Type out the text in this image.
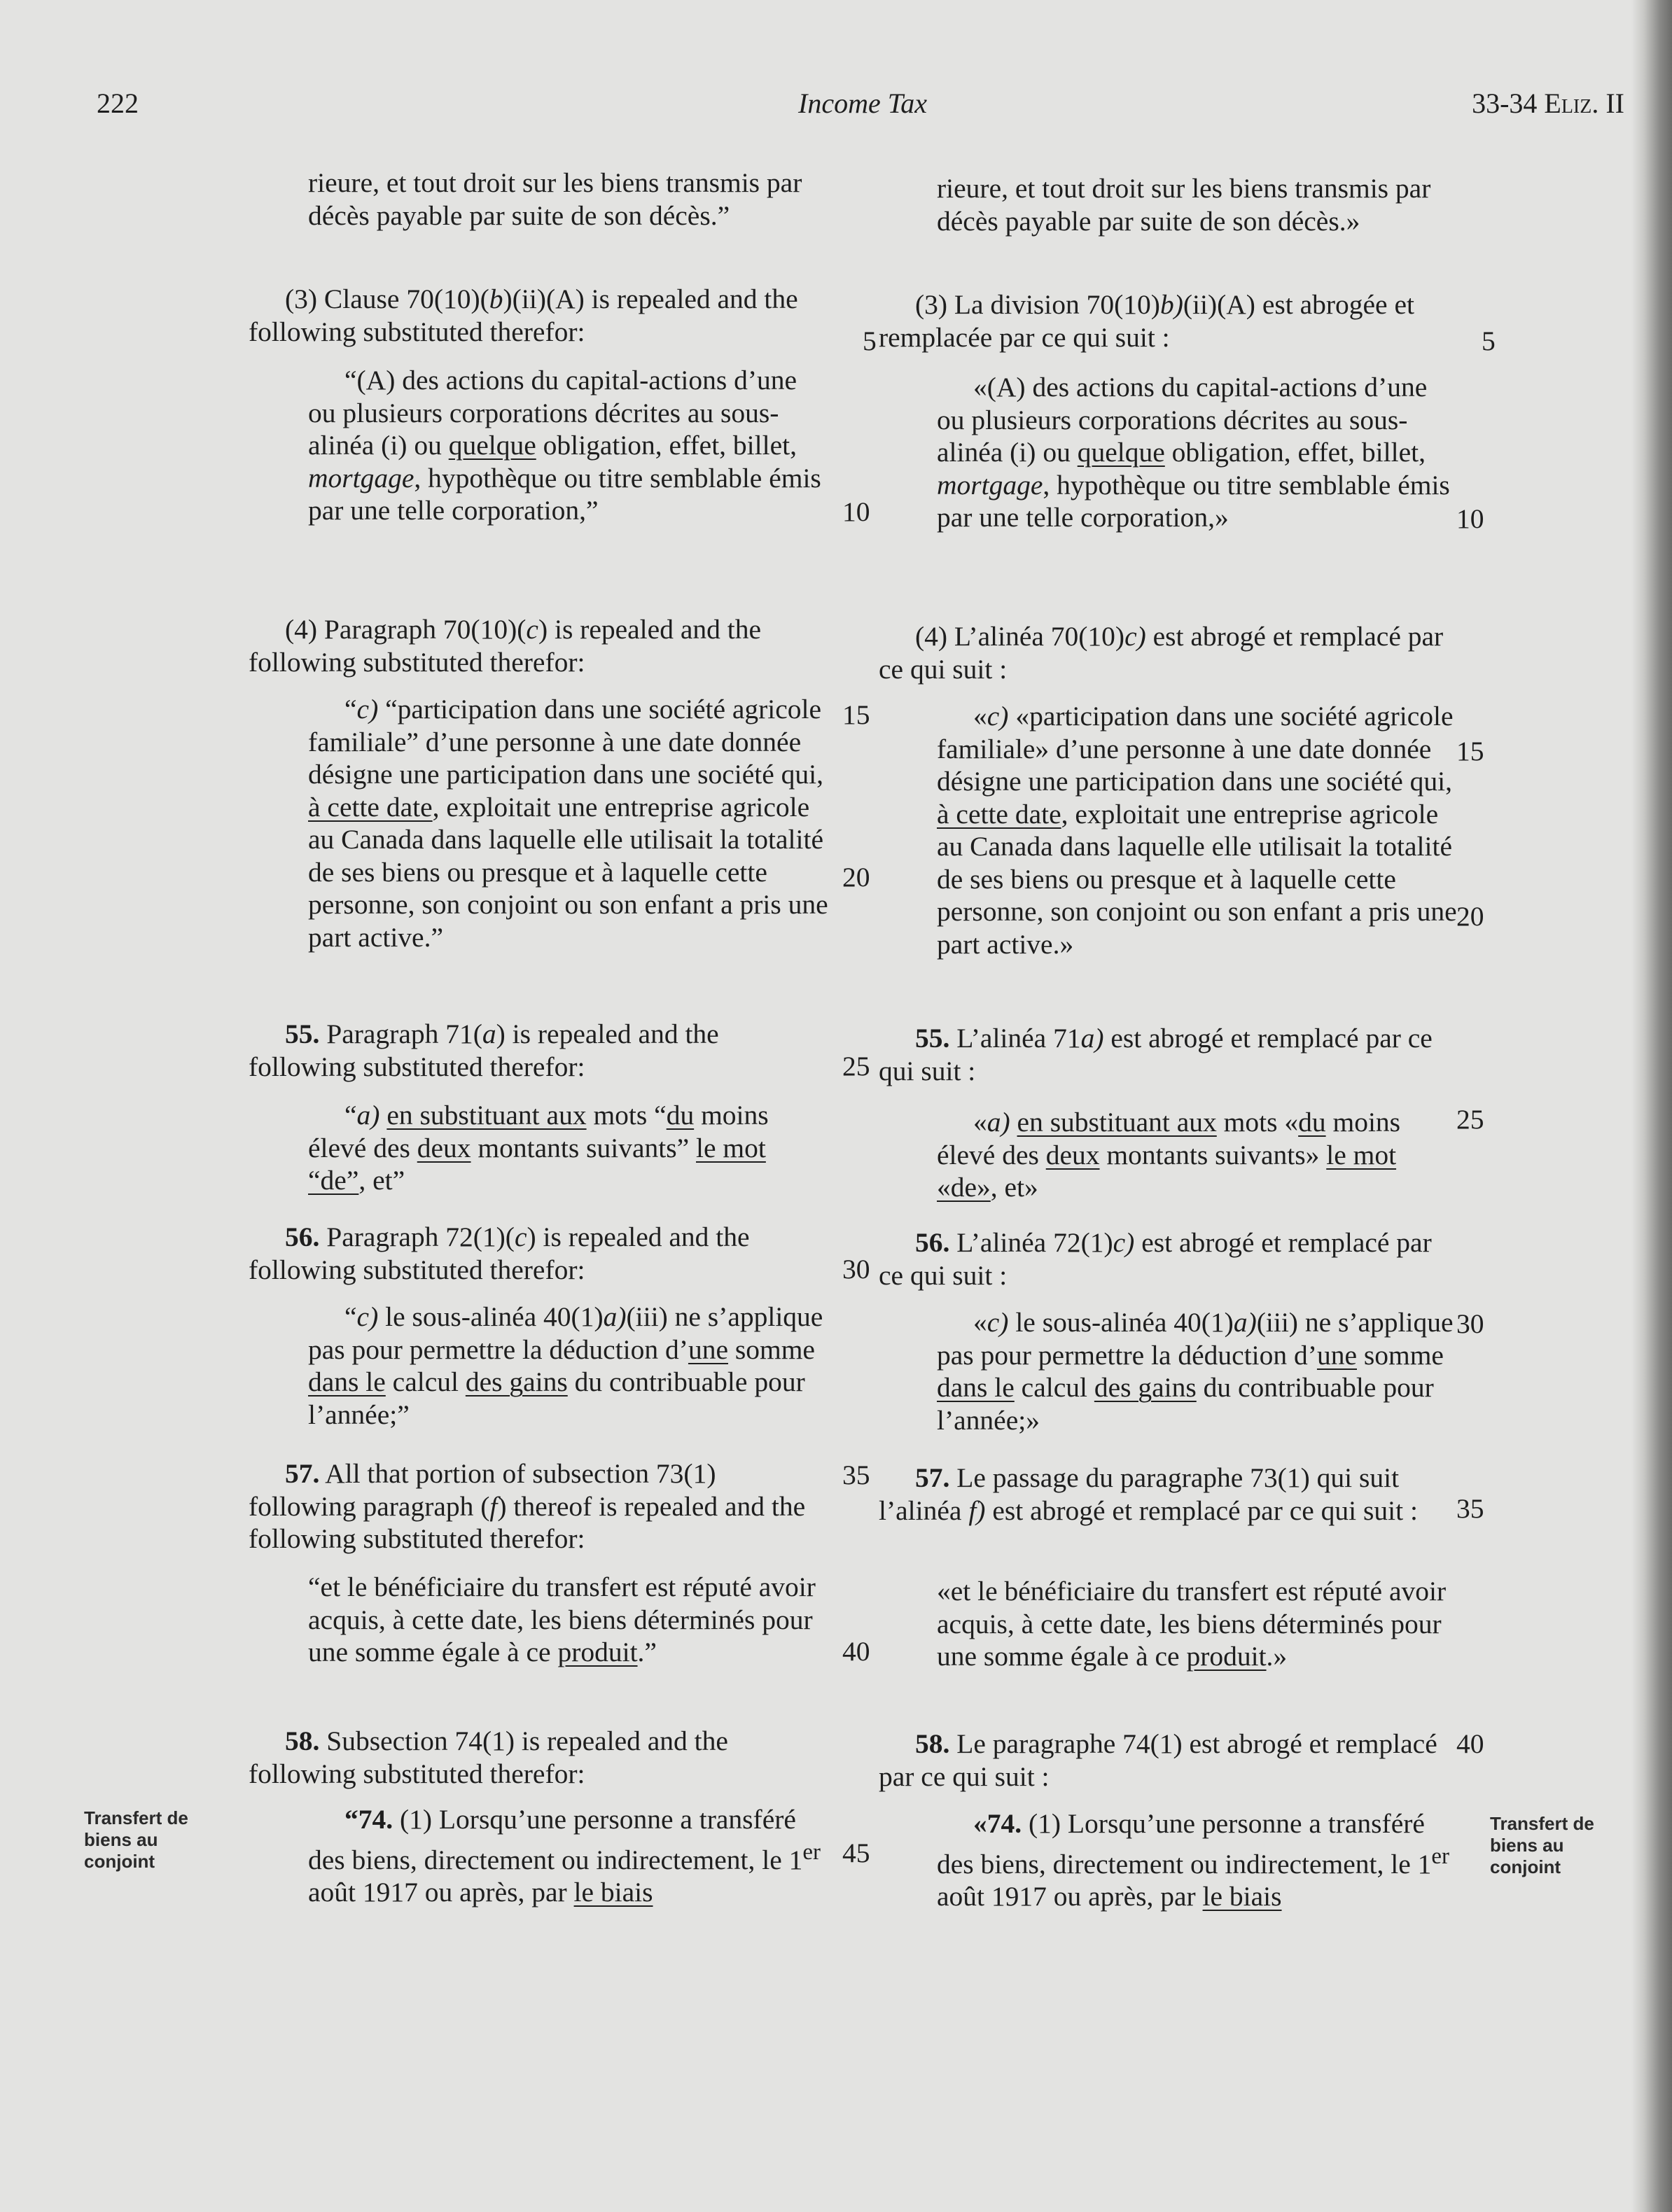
222	Income Tax	33-34 Eliz. II
rieure, et tout droit sur les biens transmis par décès payable par suite de son décès.”
(3) Clause 70(10)(b)(ii)(A) is repealed and the following substituted therefor:
“(A) des actions du capital-actions d’une ou plusieurs corporations décrites au sous-alinéa (i) ou quelque obligation, effet, billet, mortgage, hypothèque ou titre semblable émis par une telle corporation,”
(4) Paragraph 70(10)(c) is repealed and the following substituted therefor:
“c) “participation dans une société agricole familiale” d’une personne à une date donnée désigne une participation dans une société qui, à cette date, exploitait une entreprise agricole au Canada dans laquelle elle utilisait la totalité de ses biens ou presque et à laquelle cette personne, son conjoint ou son enfant a pris une part active.”
55. Paragraph 71(a) is repealed and the following substituted therefor:
“a) en substituant aux mots “du moins élevé des deux montants suivants” le mot “de”, et”
56. Paragraph 72(1)(c) is repealed and the following substituted therefor:
“c) le sous-alinéa 40(1)a)(iii) ne s’applique pas pour permettre la déduction d’une somme dans le calcul des gains du contribuable pour l’année;”
57. All that portion of subsection 73(1) following paragraph (f) thereof is repealed and the following substituted therefor:
“et le bénéficiaire du transfert est réputé avoir acquis, à cette date, les biens déterminés pour une somme égale à ce produit.”
58. Subsection 74(1) is repealed and the following substituted therefor:
“74. (1) Lorsqu’une personne a transféré des biens, directement ou indirectement, le 1er août 1917 ou après, par le biais
rieure, et tout droit sur les biens transmis par décès payable par suite de son décès.»
(3) La division 70(10)b)(ii)(A) est abrogée et remplacée par ce qui suit :
«(A) des actions du capital-actions d’une ou plusieurs corporations décrites au sous-alinéa (i) ou quelque obligation, effet, billet, mortgage, hypothèque ou titre semblable émis par une telle corporation,»
(4) L’alinéa 70(10)c) est abrogé et remplacé par ce qui suit :
«c) «participation dans une société agricole familiale» d’une personne à une date donnée désigne une participation dans une société qui, à cette date, exploitait une entreprise agricole au Canada dans laquelle elle utilisait la totalité de ses biens ou presque et à laquelle cette personne, son conjoint ou son enfant a pris une part active.»
55. L’alinéa 71a) est abrogé et remplacé par ce qui suit :
«a) en substituant aux mots «du moins élevé des deux montants suivants» le mot «de», et»
56. L’alinéa 72(1)c) est abrogé et remplacé par ce qui suit :
«c) le sous-alinéa 40(1)a)(iii) ne s’applique pas pour permettre la déduction d’une somme dans le calcul des gains du contribuable pour l’année;»
57. Le passage du paragraphe 73(1) qui suit l’alinéa f) est abrogé et remplacé par ce qui suit :
«et le bénéficiaire du transfert est réputé avoir acquis, à cette date, les biens déterminés pour une somme égale à ce produit.»
58. Le paragraphe 74(1) est abrogé et remplacé par ce qui suit :
«74. (1) Lorsqu’une personne a transféré des biens, directement ou indirectement, le 1er août 1917 ou après, par le biais
5
10
15
20
25
30
35
40
45
5
10
15
20
25
30
35
40
Transfert de biens au conjoint
Transfert de biens au conjoint
